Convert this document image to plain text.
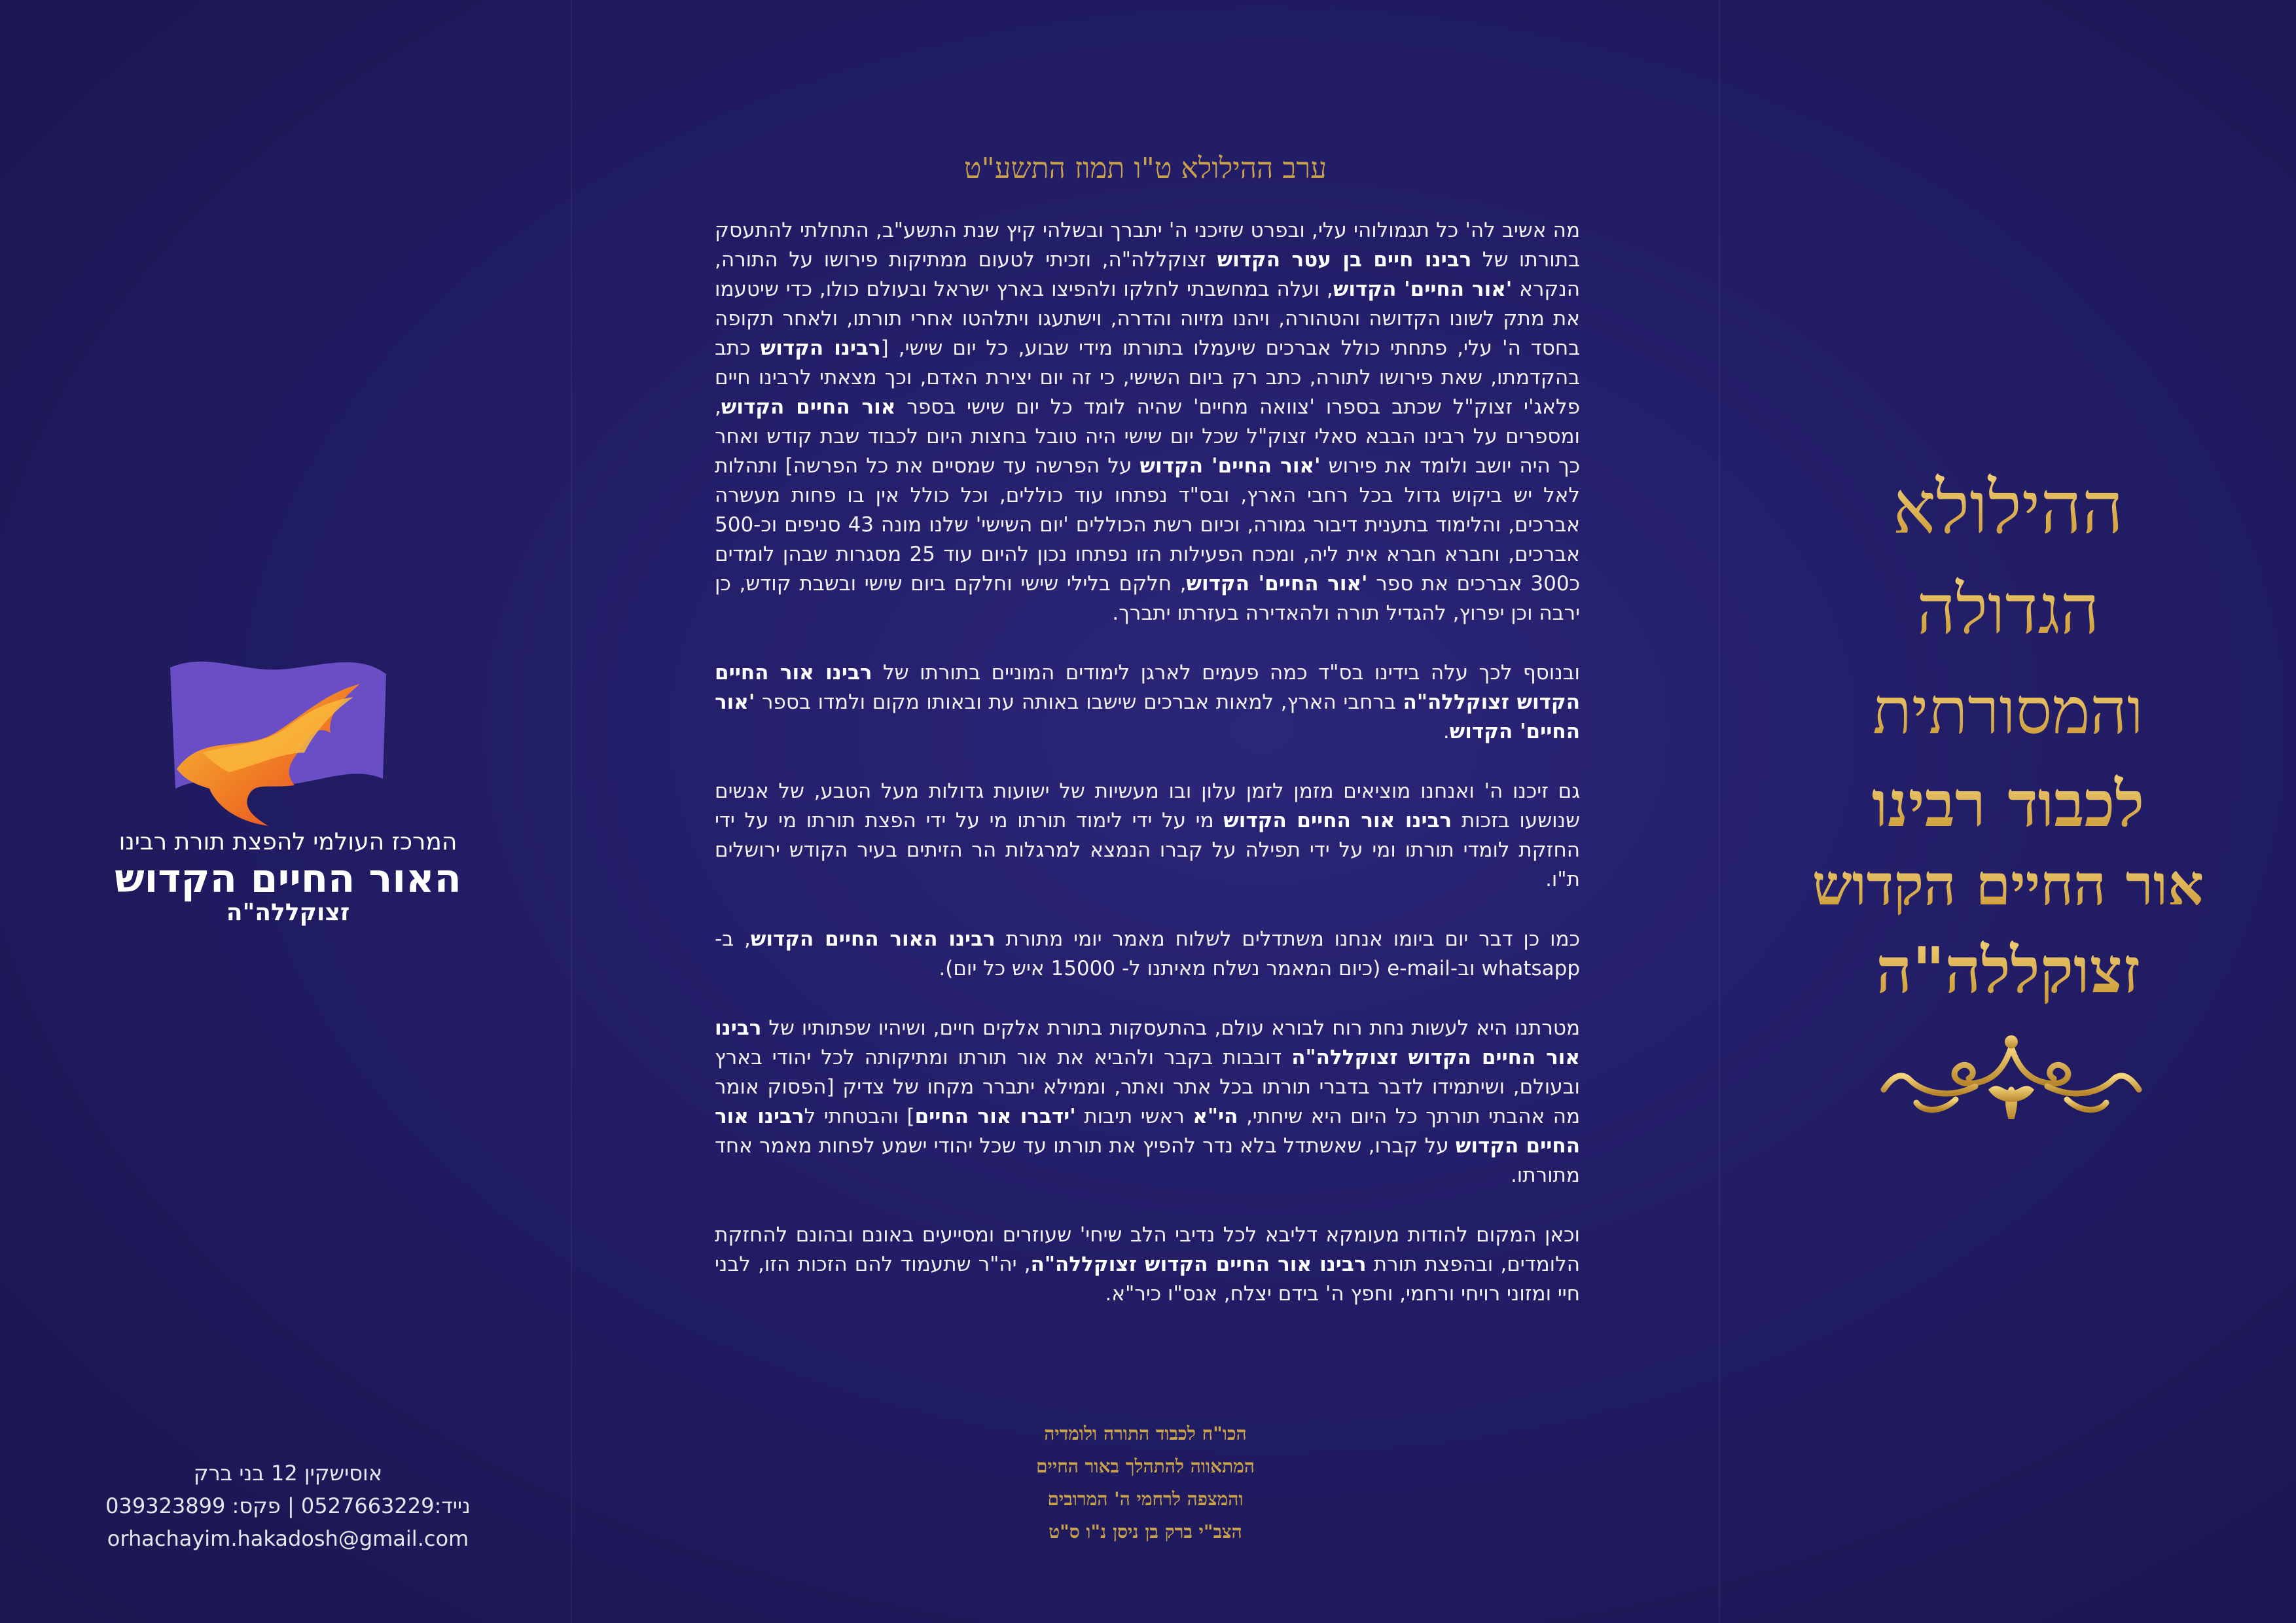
המרכז העולמי להפצת תורת רבינו
האור החיים הקדוש
זצוקללה"ה
אוסישקין 12 בני ברק
נייד:0527663229 | פקס: 039323899
orhachayim.hakadosh@gmail.com
ערב ההילולא ט"ו תמוז התשע"ט

מה אשיב לה' כל תגמולוהי עלי, ובפרט שזיכני ה' יתברך ובשלהי קיץ שנת התשע"ב, התחלתי להתעסק בתורתו של רבינו חיים בן עטר הקדוש זצוקללה"ה, וזכיתי לטעום ממתיקות פירושו על התורה, הנקרא 'אור החיים' הקדוש, ועלה במחשבתי לחלקו ולהפיצו בארץ ישראל ובעולם כולו, כדי שיטעמו את מתק לשונו הקדושה והטהורה, ויהנו מזיוה והדרה, וישתעגו ויתלהטו אחרי תורתו, ולאחר תקופה בחסד ה' עלי, פתחתי כולל אברכים שיעמלו בתורתו מידי שבוע, כל יום שישי, [רבינו הקדוש כתב בהקדמתו, שאת פירושו לתורה, כתב רק ביום השישי, כי זה יום יצירת האדם, וכך מצאתי לרבינו חיים פלאג'י זצוק"ל שכתב בספרו 'צוואה מחיים' שהיה לומד כל יום שישי בספר אור החיים הקדוש, ומספרים על רבינו הבבא סאלי זצוק"ל שכל יום שישי היה טובל בחצות היום לכבוד שבת קודש ואחר כך היה יושב ולומד את פירוש 'אור החיים' הקדוש על הפרשה עד שמסיים את כל הפרשה] ותהלות לאל יש ביקוש גדול בכל רחבי הארץ, ובס"ד נפתחו עוד כוללים, וכל כולל אין בו פחות מעשרה אברכים, והלימוד בתענית דיבור גמורה, וכיום רשת הכוללים 'יום השישי' שלנו מונה 43 סניפים וכ-500 אברכים, וחברא חברא אית ליה, ומכח הפעילות הזו נפתחו נכון להיום עוד 25 מסגרות שבהן לומדים כ300 אברכים את ספר 'אור החיים' הקדוש, חלקם בלילי שישי וחלקם ביום שישי ובשבת קודש, כן ירבה וכן יפרוץ, להגדיל תורה ולהאדירה בעזרתו יתברך.

ובנוסף לכך עלה בידינו בס"ד כמה פעמים לארגן לימודים המוניים בתורתו של רבינו אור החיים הקדוש זצוקללה"ה ברחבי הארץ, למאות אברכים שישבו באותה עת ובאותו מקום ולמדו בספר 'אור החיים' הקדוש.

גם זיכנו ה' ואנחנו מוציאים מזמן לזמן עלון ובו מעשיות של ישועות גדולות מעל הטבע, של אנשים שנושעו בזכות רבינו אור החיים הקדוש מי על ידי לימוד תורתו מי על ידי הפצת תורתו מי על ידי החזקת לומדי תורתו ומי על ידי תפילה על קברו הנמצא למרגלות הר הזיתים בעיר הקודש ירושלים ת"ו.

כמו כן דבר יום ביומו אנחנו משתדלים לשלוח מאמר יומי מתורת רבינו האור החיים הקדוש, ב-whatsapp וב-e-mail (כיום המאמר נשלח מאיתנו ל- 15000 איש כל יום).

מטרתנו היא לעשות נחת רוח לבורא עולם, בהתעסקות בתורת אלקים חיים, ושיהיו שפתותיו של רבינו אור החיים הקדוש זצוקללה"ה דובבות בקבר ולהביא את אור תורתו ומתיקותה לכל יהודי בארץ ובעולם, ושיתמידו לדבר בדברי תורתו בכל אתר ואתר, וממילא יתברר מקחו של צדיק [הפסוק אומר מה אהבתי תורתך כל היום היא שיחתי, הי"א ראשי תיבות 'ידברו אור החיים] והבטחתי לרבינו אור החיים הקדוש על קברו, שאשתדל בלא נדר להפיץ את תורתו עד שכל יהודי ישמע לפחות מאמר אחד מתורתו.

וכאן המקום להודות מעומקא דליבא לכל נדיבי הלב שיחי' שעוזרים ומסייעים באונם ובהונם להחזקת הלומדים, ובהפצת תורת רבינו אור החיים הקדוש זצוקללה"ה, יה"ר שתעמוד להם הזכות הזו, לבני חיי ומזוני רויחי ורחמי, וחפץ ה' בידם יצלח, אנס"ו כיר"א.

הכו"ח לכבוד התורה ולומדיה
המתאווה להתהלך באור החיים
והמצפה לרחמי ה' המרובים
הצב"י ברק בן ניסן נ"ו ס"ט
ההילולא
הגדולה
והמסורתית
לכבוד רבינו
אור החיים הקדוש
זצוקללה"ה
